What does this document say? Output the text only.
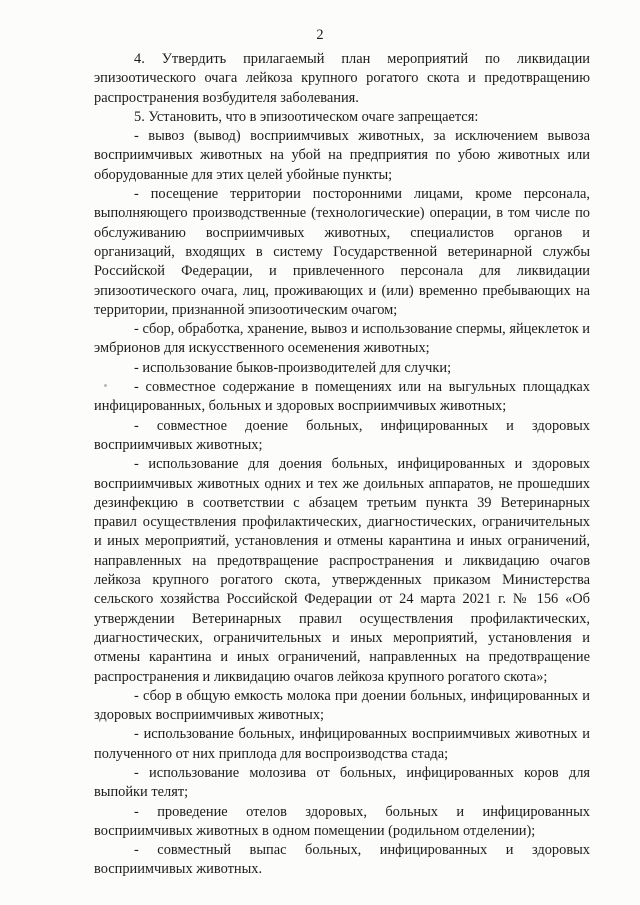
2

4. Утвердить прилагаемый план мероприятий по ликвидации эпизоотического очага лейкоза крупного рогатого скота и предотвращению распространения возбудителя заболевания.

5. Установить, что в эпизоотическом очаге запрещается:

- вывоз (вывод) восприимчивых животных, за исключением вывоза восприимчивых животных на убой на предприятия по убою животных или оборудованные для этих целей убойные пункты;

- посещение территории посторонними лицами, кроме персонала, выполняющего производственные (технологические) операции, в том числе по обслуживанию восприимчивых животных, специалистов органов и организаций, входящих в систему Государственной ветеринарной службы Российской Федерации, и привлеченного персонала для ликвидации эпизоотического очага, лиц, проживающих и (или) временно пребывающих на территории, признанной эпизоотическим очагом;

- сбор, обработка, хранение, вывоз и использование спермы, яйцеклеток и эмбрионов для искусственного осеменения животных;

- использование быков-производителей для случки;

- совместное содержание в помещениях или на выгульных площадках инфицированных, больных и здоровых восприимчивых животных;

- совместное доение больных, инфицированных и здоровых восприимчивых животных;

- использование для доения больных, инфицированных и здоровых восприимчивых животных одних и тех же доильных аппаратов, не прошедших дезинфекцию в соответствии с абзацем третьим пункта 39 Ветеринарных правил осуществления профилактических, диагностических, ограничительных и иных мероприятий, установления и отмены карантина и иных ограничений, направленных на предотвращение распространения и ликвидацию очагов лейкоза крупного рогатого скота, утвержденных приказом Министерства сельского хозяйства Российской Федерации от 24 марта 2021 г. № 156 «Об утверждении Ветеринарных правил осуществления профилактических, диагностических, ограничительных и иных мероприятий, установления и отмены карантина и иных ограничений, направленных на предотвращение распространения и ликвидацию очагов лейкоза крупного рогатого скота»;

- сбор в общую емкость молока при доении больных, инфицированных и здоровых восприимчивых животных;

- использование больных, инфицированных восприимчивых животных и полученного от них приплода для воспроизводства стада;

- использование молозива от больных, инфицированных коров для выпойки телят;

- проведение отелов здоровых, больных и инфицированных восприимчивых животных в одном помещении (родильном отделении);

- совместный выпас больных, инфицированных и здоровых восприимчивых животных.
